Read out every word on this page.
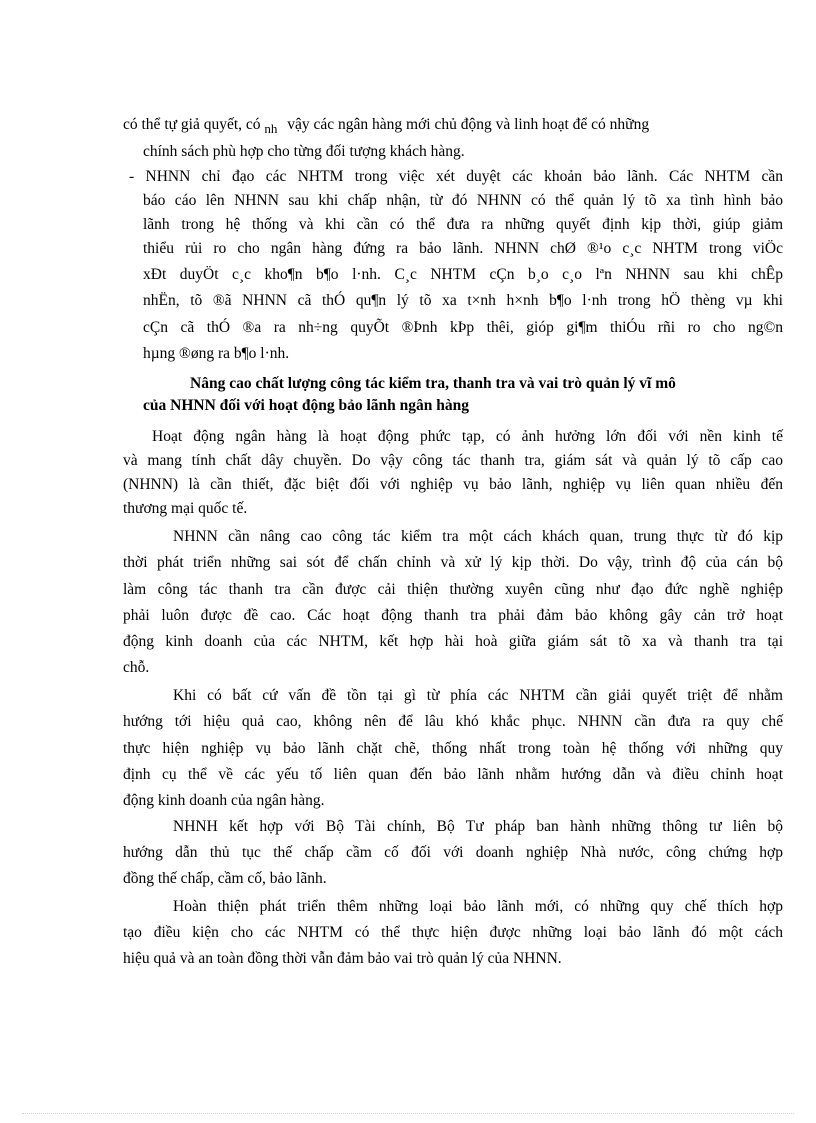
có thể tự giả quyết, có $_{nh}$ vậy các ngân hàng mới chủ động và linh hoạt để có những
chính sách phù hợp cho từng đối tượng khách hàng.
- NHNN chỉ đạo các NHTM trong việc xét duyệt các khoản bảo lãnh. Các NHTM cần
báo cáo lên NHNN sau khi chấp nhận, từ đó NHNN có thể quản lý tõ xa tình hình bảo
lãnh trong hệ thống và khi cần có thể đưa ra những quyết định kịp thời, giúp giảm
thiểu rủi ro cho ngân hàng đứng ra bảo lãnh. NHNN chØ ®¹o c¸c NHTM trong viÖc
xÐt duyÖt c¸c kho¶n b¶o l·nh. C¸c NHTM cÇn b¸o c¸o lªn NHNN sau khi chÊp
nhËn, tõ ®ã NHNN cã thÓ qu¶n lý tõ xa t×nh h×nh b¶o l·nh trong hÖ thèng vµ khi
cÇn cã thÓ ®a ra nh÷ng quyÕt ®Þnh kÞp thêi, gióp gi¶m thiÓu rñi ro cho ng©n
hµng ®øng ra b¶o l·nh.
Nâng cao chất lượng công tác kiểm tra, thanh tra và vai trò quản lý vĩ mô
của NHNN đối với hoạt động bảo lãnh ngân hàng
Hoạt động ngân hàng là hoạt động phức tạp, có ảnh hưởng lớn đối với nền kinh tế
và mang tính chất dây chuyền. Do vậy công tác thanh tra, giám sát và quản lý tõ cấp cao
(NHNN) là cần thiết, đặc biệt đối với nghiệp vụ bảo lãnh, nghiệp vụ liên quan nhiều đến
thương mại quốc tế.
NHNN cần nâng cao công tác kiểm tra một cách khách quan, trung thực từ đó kịp
thời phát triển những sai sót để chấn chỉnh và xử lý kịp thời. Do vậy, trình độ của cán bộ
làm công tác thanh tra cần được cải thiện thường xuyên cũng như đạo đức nghề nghiệp
phải luôn được đề cao. Các hoạt động thanh tra phải đảm bảo không gây cản trở hoạt
động kinh doanh của các NHTM, kết hợp hài hoà giữa giám sát tõ xa và thanh tra tại
chỗ.
Khi có bất cứ vấn đề tồn tại gì từ phía các NHTM cần giải quyết triệt để nhằm
hướng tới hiệu quả cao, không nên để lâu khó khắc phục. NHNN cần đưa ra quy chế
thực hiện nghiệp vụ bảo lãnh chặt chẽ, thống nhất trong toàn hệ thống với những quy
định cụ thể về các yếu tố liên quan đến bảo lãnh nhằm hướng dẫn và điều chỉnh hoạt
động kinh doanh của ngân hàng.
NHNH kết hợp với Bộ Tài chính, Bộ Tư pháp ban hành những thông tư liên bộ
hướng dẫn thủ tục thế chấp cầm cố đối với doanh nghiệp Nhà nước, công chứng hợp
đồng thế chấp, cầm cố, bảo lãnh.
Hoàn thiện phát triển thêm những loại bảo lãnh mới, có những quy chế thích hợp
tạo điều kiện cho các NHTM có thể thực hiện được những loại bảo lãnh đó một cách
hiệu quả và an toàn đồng thời vẫn đảm bảo vai trò quản lý của NHNN.
